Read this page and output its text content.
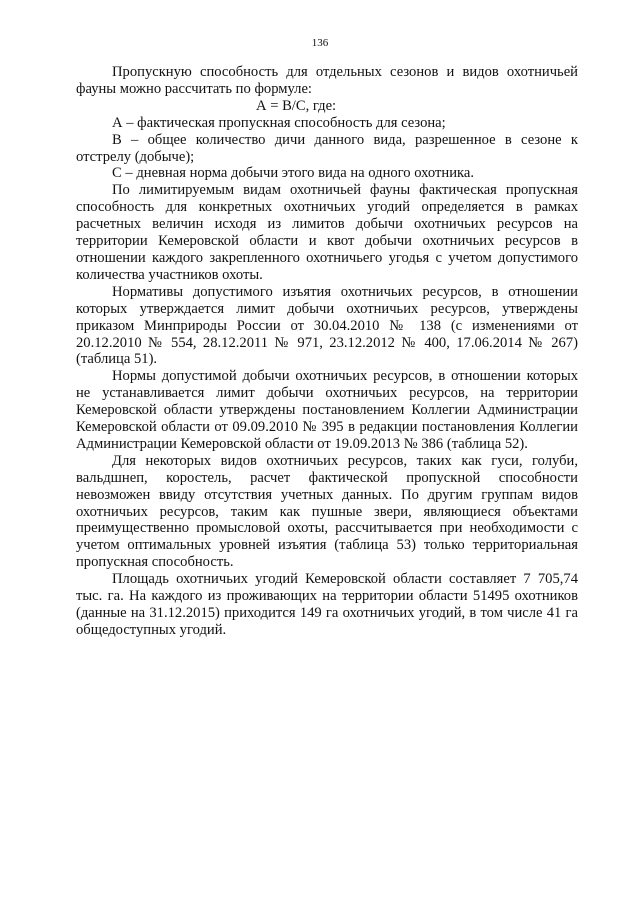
136

Пропускную способность для отдельных сезонов и видов охотничьей фауны можно рассчитать по формуле:

А = В/С, где:

А – фактическая пропускная способность для сезона;

В – общее количество дичи данного вида, разрешенное в сезоне к отстрелу (добыче);

С – дневная норма добычи этого вида на одного охотника.

По лимитируемым видам охотничьей фауны фактическая пропускная способность для конкретных охотничьих угодий определяется в рамках расчетных величин исходя из лимитов добычи охотничьих ресурсов на территории Кемеровской области и квот добычи охотничьих ресурсов в отношении каждого закрепленного охотничьего угодья с учетом допустимого количества участников охоты.

Нормативы допустимого изъятия охотничьих ресурсов, в отношении которых утверждается лимит добычи охотничьих ресурсов, утверждены приказом Минприроды России от 30.04.2010 № 138 (с изменениями от 20.12.2010 № 554, 28.12.2011 № 971, 23.12.2012 № 400, 17.06.2014 № 267) (таблица 51).

Нормы допустимой добычи охотничьих ресурсов, в отношении которых не устанавливается лимит добычи охотничьих ресурсов, на территории Кемеровской области утверждены постановлением Коллегии Администрации Кемеровской области от 09.09.2010 № 395 в редакции постановления Коллегии Администрации Кемеровской области от 19.09.2013 № 386 (таблица 52).

Для некоторых видов охотничьих ресурсов, таких как гуси, голуби, вальдшнеп, коростель, расчет фактической пропускной способности невозможен ввиду отсутствия учетных данных. По другим группам видов охотничьих ресурсов, таким как пушные звери, являющиеся объектами преимущественно промысловой охоты, рассчитывается при необходимости с учетом оптимальных уровней изъятия (таблица 53) только территориальная пропускная способность.

Площадь охотничьих угодий Кемеровской области составляет 7 705,74 тыс. га. На каждого из проживающих на территории области 51495 охотников (данные на 31.12.2015) приходится 149 га охотничьих угодий, в том числе 41 га общедоступных угодий.
